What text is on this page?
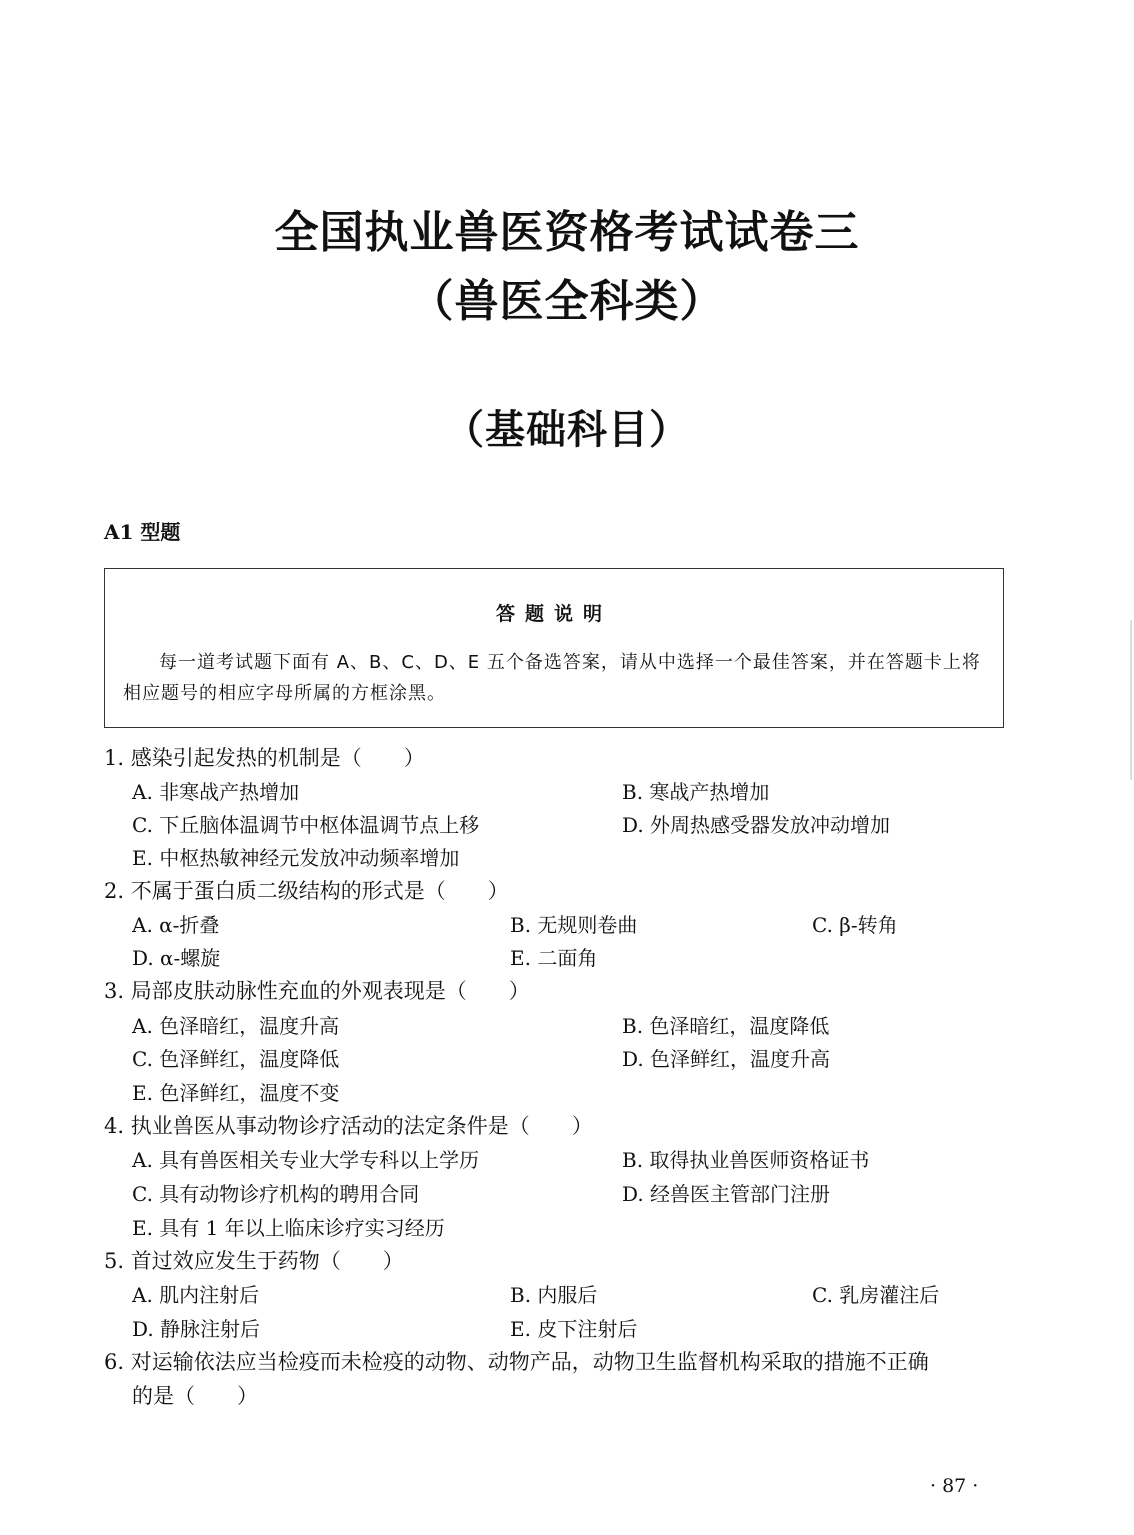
全国执业兽医资格考试试卷三
（兽医全科类）
（基础科目）
A1 型题
答题说明
每一道考试题下面有 A、B、C、D、E 五个备选答案，请从中选择一个最佳答案，并在答题卡上将相应题号的相应字母所属的方框涂黑。
1. 感染引起发热的机制是（　　）
A. 非寒战产热增加	B. 寒战产热增加
C. 下丘脑体温调节中枢体温调节点上移	D. 外周热感受器发放冲动增加
E. 中枢热敏神经元发放冲动频率增加
2. 不属于蛋白质二级结构的形式是（　　）
A. α-折叠	B. 无规则卷曲	C. β-转角
D. α-螺旋	E. 二面角
3. 局部皮肤动脉性充血的外观表现是（　　）
A. 色泽暗红，温度升高	B. 色泽暗红，温度降低
C. 色泽鲜红，温度降低	D. 色泽鲜红，温度升高
E. 色泽鲜红，温度不变
4. 执业兽医从事动物诊疗活动的法定条件是（　　）
A. 具有兽医相关专业大学专科以上学历	B. 取得执业兽医师资格证书
C. 具有动物诊疗机构的聘用合同	D. 经兽医主管部门注册
E. 具有 1 年以上临床诊疗实习经历
5. 首过效应发生于药物（　　）
A. 肌内注射后	B. 内服后	C. 乳房灌注后
D. 静脉注射后	E. 皮下注射后
6. 对运输依法应当检疫而未检疫的动物、动物产品，动物卫生监督机构采取的措施不正确
的是（　　）
· 87 ·
